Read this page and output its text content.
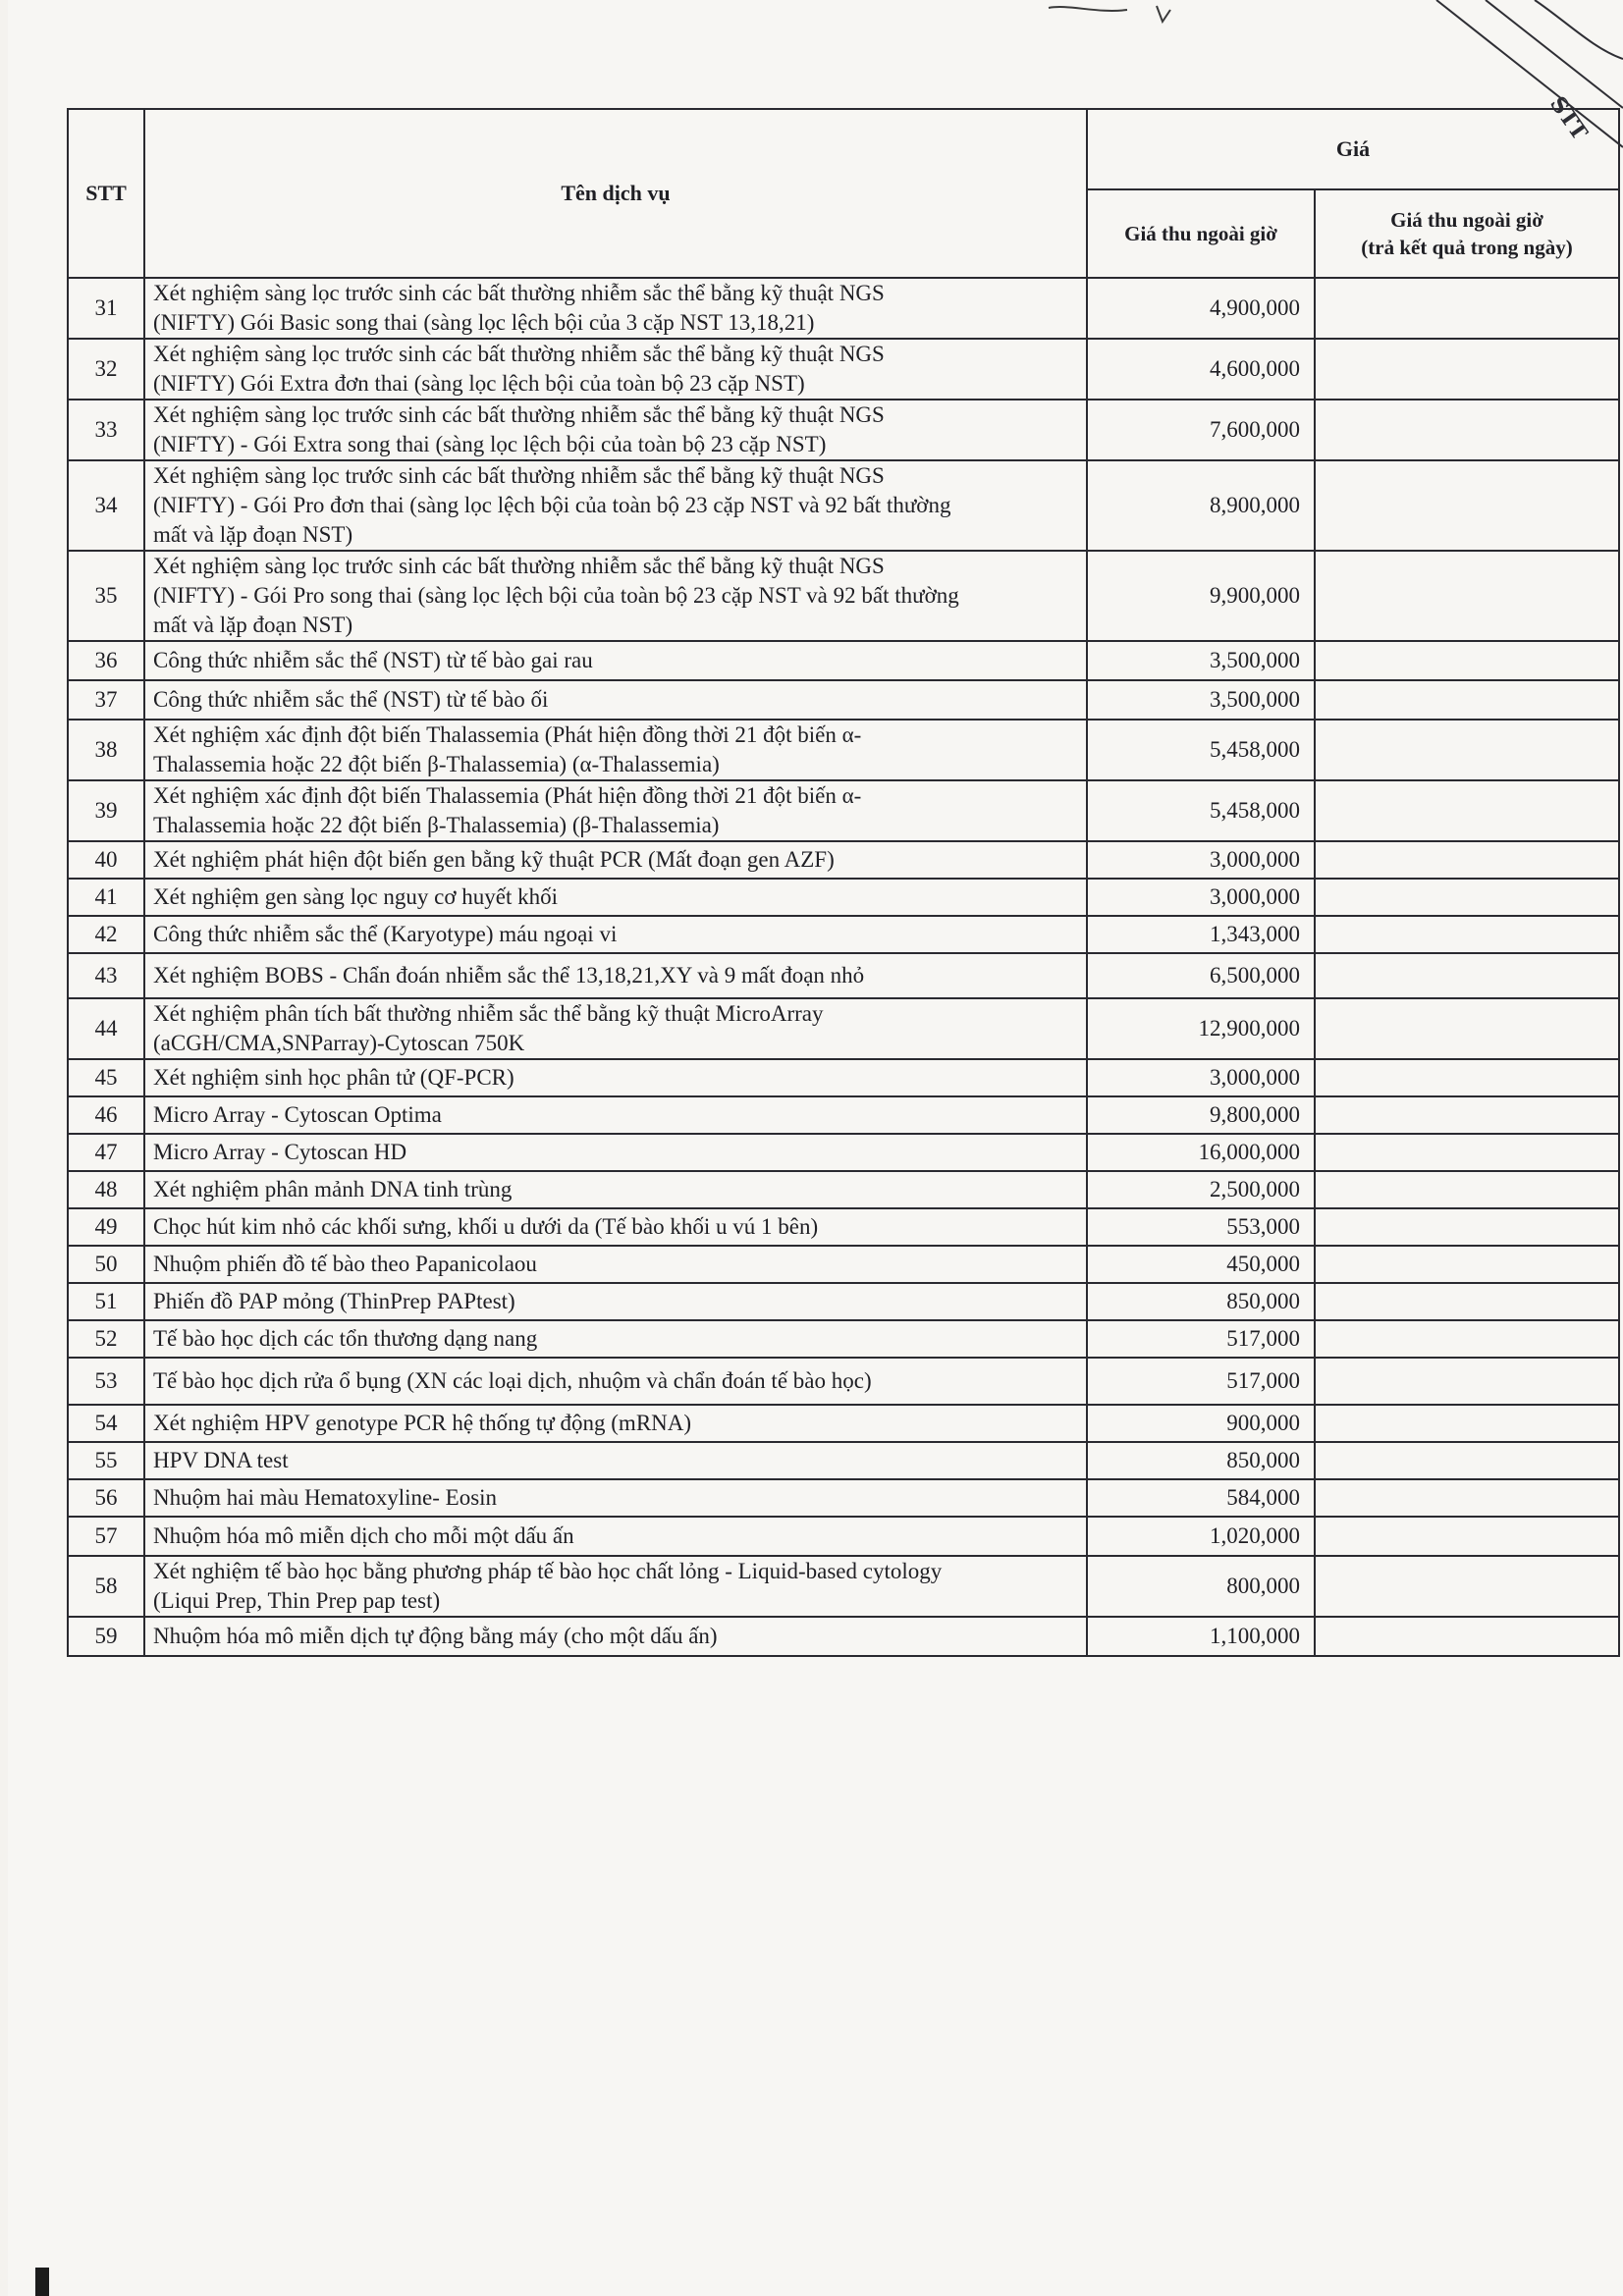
STT
STT	Tên dịch vụ	Giá	
		Giá thu ngoài giờ	Giá thu ngoài giờ
(trả kết quả trong ngày)

31	Xét nghiệm sàng lọc trước sinh các bất thường nhiễm sắc thể bằng kỹ thuật NGS
(NIFTY) Gói Basic song thai (sàng lọc lệch bội của 3 cặp NST 13,18,21)	4,900,000	
32	Xét nghiệm sàng lọc trước sinh các bất thường nhiễm sắc thể bằng kỹ thuật NGS
(NIFTY) Gói Extra đơn thai (sàng lọc lệch bội của toàn bộ 23 cặp NST)	4,600,000	
33	Xét nghiệm sàng lọc trước sinh các bất thường nhiễm sắc thể bằng kỹ thuật NGS
(NIFTY) - Gói Extra song thai (sàng lọc lệch bội của toàn bộ 23 cặp NST)	7,600,000	
34	Xét nghiệm sàng lọc trước sinh các bất thường nhiễm sắc thể bằng kỹ thuật NGS
(NIFTY) - Gói Pro đơn thai (sàng lọc lệch bội của toàn bộ 23 cặp NST và 92 bất thường
mất và lặp đoạn NST)	8,900,000	
35	Xét nghiệm sàng lọc trước sinh các bất thường nhiễm sắc thể bằng kỹ thuật NGS
(NIFTY) - Gói Pro song thai (sàng lọc lệch bội của toàn bộ 23 cặp NST và 92 bất thường
mất và lặp đoạn NST)	9,900,000	
36	Công thức nhiễm sắc thể (NST) từ tế bào gai rau	3,500,000	
37	Công thức nhiễm sắc thể (NST) từ tế bào ối	3,500,000	
38	Xét nghiệm xác định đột biến Thalassemia (Phát hiện đồng thời 21 đột biến α-
Thalassemia hoặc 22 đột biến β-Thalassemia) (α-Thalassemia)	5,458,000	
39	Xét nghiệm xác định đột biến Thalassemia (Phát hiện đồng thời 21 đột biến α-
Thalassemia hoặc 22 đột biến β-Thalassemia) (β-Thalassemia)	5,458,000	
40	Xét nghiệm phát hiện đột biến gen bằng kỹ thuật PCR (Mất đoạn gen AZF)	3,000,000	
41	Xét nghiệm gen sàng lọc nguy cơ huyết khối	3,000,000	
42	Công thức nhiễm sắc thể (Karyotype) máu ngoại vi	1,343,000	
43	Xét nghiệm BOBS - Chẩn đoán nhiễm sắc thể 13,18,21,XY và 9 mất đoạn nhỏ	6,500,000	
44	Xét nghiệm phân tích bất thường nhiễm sắc thể bằng kỹ thuật MicroArray
(aCGH/CMA,SNParray)-Cytoscan 750K	12,900,000	
45	Xét nghiệm sinh học phân tử (QF-PCR)	3,000,000	
46	Micro Array - Cytoscan Optima	9,800,000	
47	Micro Array - Cytoscan HD	16,000,000	
48	Xét nghiệm phân mảnh DNA tinh trùng	2,500,000	
49	Chọc hút kim nhỏ các khối sưng, khối u dưới da (Tế bào khối u vú 1 bên)	553,000	
50	Nhuộm phiến đồ tế bào theo Papanicolaou	450,000	
51	Phiến đồ PAP mỏng (ThinPrep PAPtest)	850,000	
52	Tế bào học dịch các tổn thương dạng nang	517,000	
53	Tế bào học dịch rửa ổ bụng (XN các loại dịch, nhuộm và chẩn đoán tế bào học)	517,000	
54	Xét nghiệm HPV genotype PCR hệ thống tự động (mRNA)	900,000	
55	HPV DNA test	850,000	
56	Nhuộm hai màu Hematoxyline- Eosin	584,000	
57	Nhuộm hóa mô miễn dịch cho mỗi một dấu ấn	1,020,000	
58	Xét nghiệm tế bào học bằng phương pháp tế bào học chất lỏng - Liquid-based cytology
(Liqui Prep, Thin Prep pap test)	800,000	
59	Nhuộm hóa mô miễn dịch tự động bằng máy (cho một dấu ấn)	1,100,000	
